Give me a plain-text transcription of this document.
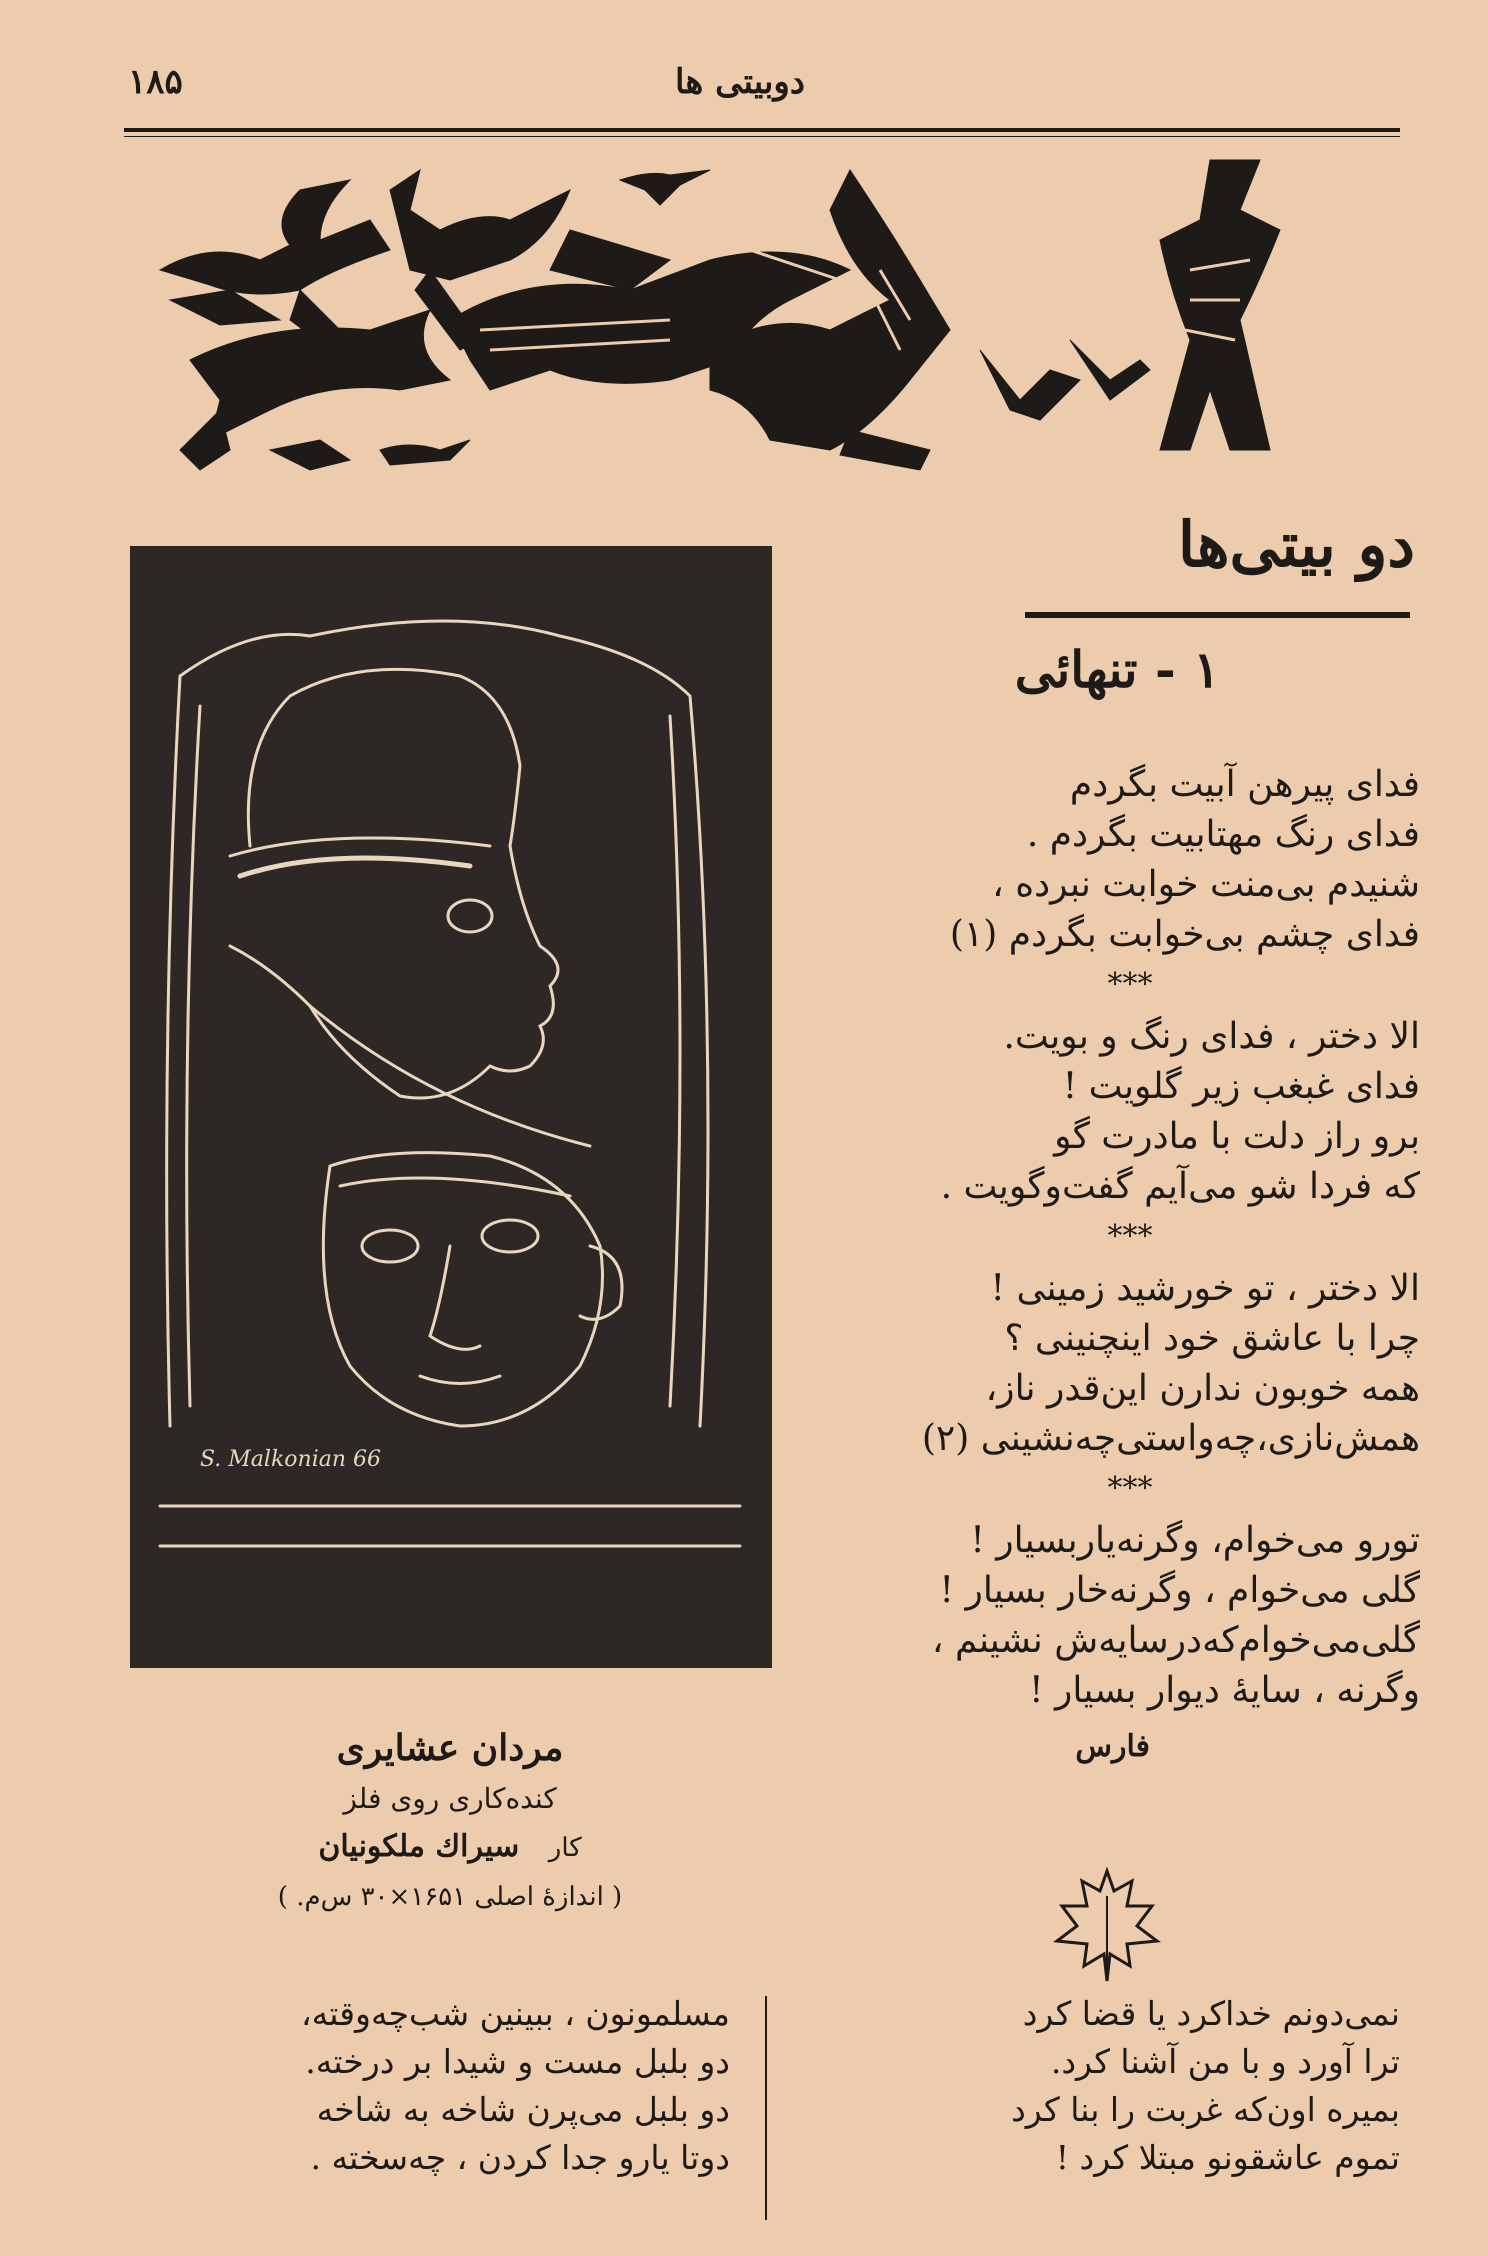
۱۸۵	دوبیتی ها
دو بیتی‌ها
۱ - تنهائی
فدای پیرهن آبیت بگردم
فدای رنگ مهتابیت بگردم .
شنیدم بی‌منت خوابت نبرده ،
فدای چشم بی‌خوابت بگردم (۱)
***
الا دختر ، فدای رنگ و بویت.
فدای غبغب زیر گلویت !
برو راز دلت با مادرت گو
که فردا شو می‌آیم گفت‌وگویت .
***
الا دختر ، تو خورشید زمینی !
چرا با عاشق خود اینچنینی ؟
همه خوبون ندارن این‌قدر ناز،
همش‌نازی،چه‌واستی‌چه‌نشینی (۲)
***
تورو می‌خوام، وگرنه‌یاربسیار !
گلی می‌خوام ، وگرنه‌خار بسیار !
گلی‌می‌خوام‌که‌درسایه‌ش نشینم ،
وگرنه ، سایهٔ دیوار بسیار !
فارس
S. Malkonian 66
مردان عشایری
کنده‌کاری روی فلز
کار سیراك ملکونیان
( اندازهٔ اصلی ۱۶۵۱×۳۰ س‌م. )
مسلمونون ، ببینین شب‌چه‌وقته،
دو بلبل مست و شیدا بر درخته.
دو بلبل می‌پرن شاخه به شاخه
دوتا یارو جدا کردن ، چه‌سخته .
نمی‌دونم خداکرد یا قضا کرد
ترا آورد و با من آشنا کرد.
بمیره اون‌که غربت را بنا کرد
تموم عاشقونو مبتلا کرد !
